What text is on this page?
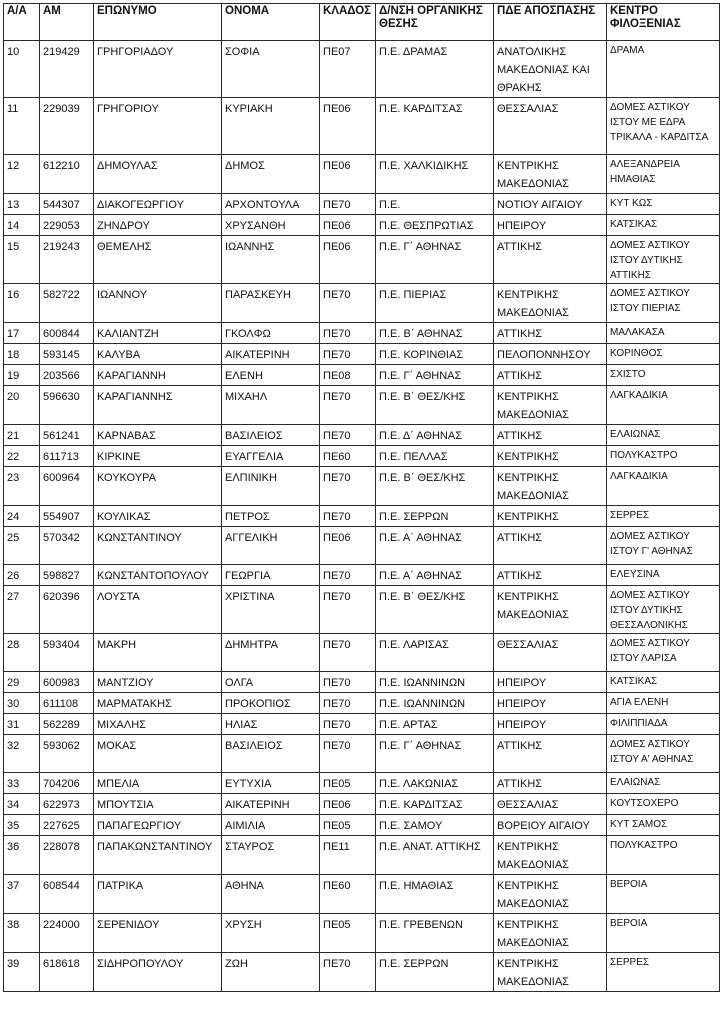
Α/Α	ΑΜ	ΕΠΩΝΥΜΟ	ΟΝΟΜΑ	ΚΛΑΔΟΣ	Δ/ΝΣΗ ΟΡΓΑΝΙΚΗΣ ΘΕΣΗΣ	ΠΔΕ ΑΠΟΣΠΑΣΗΣ	ΚΕΝΤΡΟ ΦΙΛΟΞΕΝΙΑΣ
10	219429	ΓΡΗΓΟΡΙΑΔΟΥ	ΣΟΦΙΑ	ΠΕ07	Π.Ε. ΔΡΑΜΑΣ	ΑΝΑΤΟΛΙΚΗΣ ΜΑΚΕΔΟΝΙΑΣ ΚΑΙ ΘΡΑΚΗΣ	ΔΡΑΜΑ
11	229039	ΓΡΗΓΟΡΙΟΥ	ΚΥΡΙΑΚΗ	ΠΕ06	Π.Ε. ΚΑΡΔΙΤΣΑΣ	ΘΕΣΣΑΛΙΑΣ	ΔΟΜΕΣ ΑΣΤΙΚΟΥ ΙΣΤΟΥ ΜΕ ΕΔΡΑ ΤΡΙΚΑΛΑ - ΚΑΡΔΙΤΣΑ
12	612210	ΔΗΜΟΥΛΑΣ	ΔΗΜΟΣ	ΠΕ06	Π.Ε. ΧΑΛΚΙΔΙΚΗΣ	ΚΕΝΤΡΙΚΗΣ ΜΑΚΕΔΟΝΙΑΣ	ΑΛΕΞΑΝΔΡΕΙΑ ΗΜΑΘΙΑΣ
13	544307	ΔΙΑΚΟΓΕΩΡΓΙΟΥ	ΑΡΧΟΝΤΟΥΛΑ	ΠΕ70	Π.Ε.	ΝΟΤΙΟΥ ΑΙΓΑΙΟΥ	ΚΥΤ ΚΩΣ
14	229053	ΖΗΝΔΡΟΥ	ΧΡΥΣΑΝΘΗ	ΠΕ06	Π.Ε. ΘΕΣΠΡΩΤΙΑΣ	ΗΠΕΙΡΟΥ	ΚΑΤΣΙΚΑΣ
15	219243	ΘΕΜΕΛΗΣ	ΙΩΑΝΝΗΣ	ΠΕ06	Π.Ε. Γ΄ ΑΘΗΝΑΣ	ΑΤΤΙΚΗΣ	ΔΟΜΕΣ ΑΣΤΙΚΟΥ ΙΣΤΟΥ ΔΥΤΙΚΗΣ ΑΤΤΙΚΗΣ
16	582722	ΙΩΑΝΝΟΥ	ΠΑΡΑΣΚΕΥΗ	ΠΕ70	Π.Ε. ΠΙΕΡΙΑΣ	ΚΕΝΤΡΙΚΗΣ ΜΑΚΕΔΟΝΙΑΣ	ΔΟΜΕΣ ΑΣΤΙΚΟΥ ΙΣΤΟΥ ΠΙΕΡΙΑΣ
17	600844	ΚΑΛΙΑΝΤΖΗ	ΓΚΟΛΦΩ	ΠΕ70	Π.Ε. Β΄ ΑΘΗΝΑΣ	ΑΤΤΙΚΗΣ	ΜΑΛΑΚΑΣΑ
18	593145	ΚΑΛΥΒΑ	ΑΙΚΑΤΕΡΙΝΗ	ΠΕ70	Π.Ε. ΚΟΡΙΝΘΙΑΣ	ΠΕΛΟΠΟΝΝΗΣΟΥ	ΚΟΡΙΝΘΟΣ
19	203566	ΚΑΡΑΓΙΑΝΝΗ	ΕΛΕΝΗ	ΠΕ08	Π.Ε. Γ΄ ΑΘΗΝΑΣ	ΑΤΤΙΚΗΣ	ΣΧΙΣΤΟ
20	596630	ΚΑΡΑΓΙΑΝΝΗΣ	ΜΙΧΑΗΛ	ΠΕ70	Π.Ε. Β΄ ΘΕΣ/ΚΗΣ	ΚΕΝΤΡΙΚΗΣ ΜΑΚΕΔΟΝΙΑΣ	ΛΑΓΚΑΔΙΚΙΑ
21	561241	ΚΑΡΝΑΒΑΣ	ΒΑΣΙΛΕΙΟΣ	ΠΕ70	Π.Ε. Δ΄ ΑΘΗΝΑΣ	ΑΤΤΙΚΗΣ	ΕΛΑΙΩΝΑΣ
22	611713	ΚΙΡΚΙΝΕ	ΕΥΑΓΓΕΛΙΑ	ΠΕ60	Π.Ε. ΠΕΛΛΑΣ	ΚΕΝΤΡΙΚΗΣ	ΠΟΛΥΚΑΣΤΡΟ
23	600964	ΚΟΥΚΟΥΡΑ	ΕΛΠΙΝΙΚΗ	ΠΕ70	Π.Ε. Β΄ ΘΕΣ/ΚΗΣ	ΚΕΝΤΡΙΚΗΣ ΜΑΚΕΔΟΝΙΑΣ	ΛΑΓΚΑΔΙΚΙΑ
24	554907	ΚΟΥΛΙΚΑΣ	ΠΕΤΡΟΣ	ΠΕ70	Π.Ε. ΣΕΡΡΩΝ	ΚΕΝΤΡΙΚΗΣ	ΣΕΡΡΕΣ
25	570342	ΚΩΝΣΤΑΝΤΙΝΟΥ	ΑΓΓΕΛΙΚΗ	ΠΕ06	Π.Ε. Α΄ ΑΘΗΝΑΣ	ΑΤΤΙΚΗΣ	ΔΟΜΕΣ ΑΣΤΙΚΟΥ ΙΣΤΟΥ Γ' ΑΘΗΝΑΣ
26	598827	ΚΩΝΣΤΑΝΤΟΠΟΥΛΟΥ	ΓΕΩΡΓΙΑ	ΠΕ70	Π.Ε. Α΄ ΑΘΗΝΑΣ	ΑΤΤΙΚΗΣ	ΕΛΕΥΣΙΝΑ
27	620396	ΛΟΥΣΤΑ	ΧΡΙΣΤΙΝΑ	ΠΕ70	Π.Ε. Β΄ ΘΕΣ/ΚΗΣ	ΚΕΝΤΡΙΚΗΣ ΜΑΚΕΔΟΝΙΑΣ	ΔΟΜΕΣ ΑΣΤΙΚΟΥ ΙΣΤΟΥ ΔΥΤΙΚΗΣ ΘΕΣΣΑΛΟΝΙΚΗΣ
28	593404	ΜΑΚΡΗ	ΔΗΜΗΤΡΑ	ΠΕ70	Π.Ε. ΛΑΡΙΣΑΣ	ΘΕΣΣΑΛΙΑΣ	ΔΟΜΕΣ ΑΣΤΙΚΟΥ ΙΣΤΟΥ ΛΑΡΙΣΑ
29	600983	ΜΑΝΤΖΙΟΥ	ΟΛΓΑ	ΠΕ70	Π.Ε. ΙΩΑΝΝΙΝΩΝ	ΗΠΕΙΡΟΥ	ΚΑΤΣΙΚΑΣ
30	611108	ΜΑΡΜΑΤΑΚΗΣ	ΠΡΟΚΟΠΙΟΣ	ΠΕ70	Π.Ε. ΙΩΑΝΝΙΝΩΝ	ΗΠΕΙΡΟΥ	ΑΓΙΑ ΕΛΕΝΗ
31	562289	ΜΙΧΑΛΗΣ	ΗΛΙΑΣ	ΠΕ70	Π.Ε. ΑΡΤΑΣ	ΗΠΕΙΡΟΥ	ΦΙΛΙΠΠΙΑΔΑ
32	593062	ΜΟΚΑΣ	ΒΑΣΙΛΕΙΟΣ	ΠΕ70	Π.Ε. Γ΄ ΑΘΗΝΑΣ	ΑΤΤΙΚΗΣ	ΔΟΜΕΣ ΑΣΤΙΚΟΥ ΙΣΤΟΥ Α' ΑΘΗΝΑΣ
33	704206	ΜΠΕΛΙΑ	ΕΥΤΥΧΙΑ	ΠΕ05	Π.Ε. ΛΑΚΩΝΙΑΣ	ΑΤΤΙΚΗΣ	ΕΛΑΙΩΝΑΣ
34	622973	ΜΠΟΥΤΣΙΑ	ΑΙΚΑΤΕΡΙΝΗ	ΠΕ06	Π.Ε. ΚΑΡΔΙΤΣΑΣ	ΘΕΣΣΑΛΙΑΣ	ΚΟΥΤΣΟΧΕΡΟ
35	227625	ΠΑΠΑΓΕΩΡΓΙΟΥ	ΑΙΜΙΛΙΑ	ΠΕ05	Π.Ε. ΣΑΜΟΥ	ΒΟΡΕΙΟΥ ΑΙΓΑΙΟΥ	ΚΥΤ ΣΑΜΟΣ
36	228078	ΠΑΠΑΚΩΝΣΤΑΝΤΙΝΟΥ	ΣΤΑΥΡΟΣ	ΠΕ11	Π.Ε. ΑΝΑΤ. ΑΤΤΙΚΗΣ	ΚΕΝΤΡΙΚΗΣ ΜΑΚΕΔΟΝΙΑΣ	ΠΟΛΥΚΑΣΤΡΟ
37	608544	ΠΑΤΡΙΚΑ	ΑΘΗΝΑ	ΠΕ60	Π.Ε. ΗΜΑΘΙΑΣ	ΚΕΝΤΡΙΚΗΣ ΜΑΚΕΔΟΝΙΑΣ	ΒΕΡΟΙΑ
38	224000	ΣΕΡΕΝΙΔΟΥ	ΧΡΥΣΗ	ΠΕ05	Π.Ε. ΓΡΕΒΕΝΩΝ	ΚΕΝΤΡΙΚΗΣ ΜΑΚΕΔΟΝΙΑΣ	ΒΕΡΟΙΑ
39	618618	ΣΙΔΗΡΟΠΟΥΛΟΥ	ΖΩΗ	ΠΕ70	Π.Ε. ΣΕΡΡΩΝ	ΚΕΝΤΡΙΚΗΣ ΜΑΚΕΔΟΝΙΑΣ	ΣΕΡΡΕΣ
